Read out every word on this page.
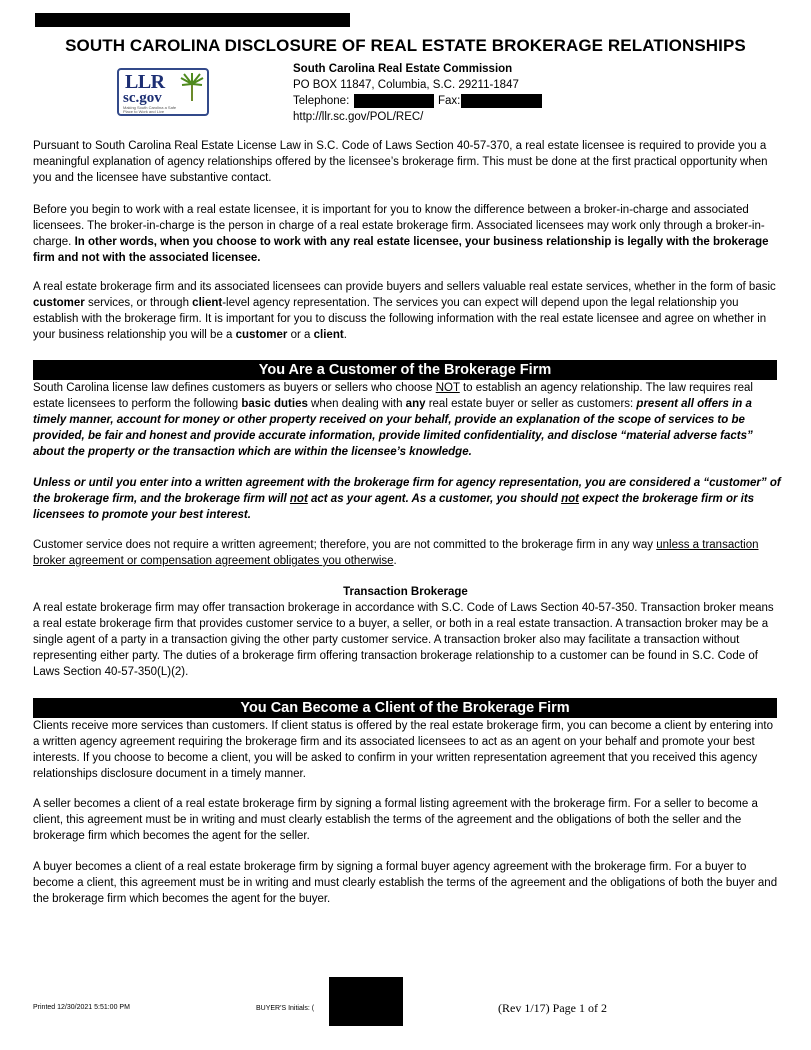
SOUTH CAROLINA DISCLOSURE OF REAL ESTATE BROKERAGE RELATIONSHIPS
LLR
sc.gov
Making South Carolina a Safe Place to Work and Live
South Carolina Real Estate Commission
PO BOX 11847, Columbia, S.C. 29211-1847
Telephone:	Fax:
http://llr.sc.gov/POL/REC/
Pursuant to South Carolina Real Estate License Law in S.C. Code of Laws Section 40-57-370, a real estate licensee is required to provide you a meaningful explanation of agency relationships offered by the licensee’s brokerage firm. This must be done at the first practical opportunity when you and the licensee have substantive contact.
Before you begin to work with a real estate licensee, it is important for you to know the difference between a broker-in-charge and associated licensees. The broker-in-charge is the person in charge of a real estate brokerage firm. Associated licensees may work only through a broker-in-charge. In other words, when you choose to work with any real estate licensee, your business relationship is legally with the brokerage firm and not with the associated licensee.
A real estate brokerage firm and its associated licensees can provide buyers and sellers valuable real estate services, whether in the form of basic customer services, or through client-level agency representation. The services you can expect will depend upon the legal relationship you establish with the brokerage firm. It is important for you to discuss the following information with the real estate licensee and agree on whether in your business relationship you will be a customer or a client.
You Are a Customer of the Brokerage Firm
South Carolina license law defines customers as buyers or sellers who choose NOT to establish an agency relationship. The law requires real estate licensees to perform the following basic duties when dealing with any real estate buyer or seller as customers: present all offers in a timely manner, account for money or other property received on your behalf, provide an explanation of the scope of services to be provided, be fair and honest and provide accurate information, provide limited confidentiality, and disclose “material adverse facts” about the property or the transaction which are within the licensee’s knowledge.
Unless or until you enter into a written agreement with the brokerage firm for agency representation, you are considered a “customer” of the brokerage firm, and the brokerage firm will not act as your agent. As a customer, you should not expect the brokerage firm or its licensees to promote your best interest.
Customer service does not require a written agreement; therefore, you are not committed to the brokerage firm in any way unless a transaction broker agreement or compensation agreement obligates you otherwise.
Transaction Brokerage
A real estate brokerage firm may offer transaction brokerage in accordance with S.C. Code of Laws Section 40-57-350. Transaction broker means a real estate brokerage firm that provides customer service to a buyer, a seller, or both in a real estate transaction. A transaction broker may be a single agent of a party in a transaction giving the other party customer service. A transaction broker also may facilitate a transaction without representing either party. The duties of a brokerage firm offering transaction brokerage relationship to a customer can be found in S.C. Code of Laws Section 40-57-350(L)(2).
You Can Become a Client of the Brokerage Firm
Clients receive more services than customers. If client status is offered by the real estate brokerage firm, you can become a client by entering into a written agency agreement requiring the brokerage firm and its associated licensees to act as an agent on your behalf and promote your best interests. If you choose to become a client, you will be asked to confirm in your written representation agreement that you received this agency relationships disclosure document in a timely manner.
A seller becomes a client of a real estate brokerage firm by signing a formal listing agreement with the brokerage firm. For a seller to become a client, this agreement must be in writing and must clearly establish the terms of the agreement and the obligations of both the seller and the brokerage firm which becomes the agent for the seller.
A buyer becomes a client of a real estate brokerage firm by signing a formal buyer agency agreement with the brokerage firm. For a buyer to become a client, this agreement must be in writing and must clearly establish the terms of the agreement and the obligations of both the buyer and the brokerage firm which becomes the agent for the buyer.
Printed 12/30/2021 5:51:00 PM	BUYER'S Initials: (	(Rev 1/17) Page 1 of 2
